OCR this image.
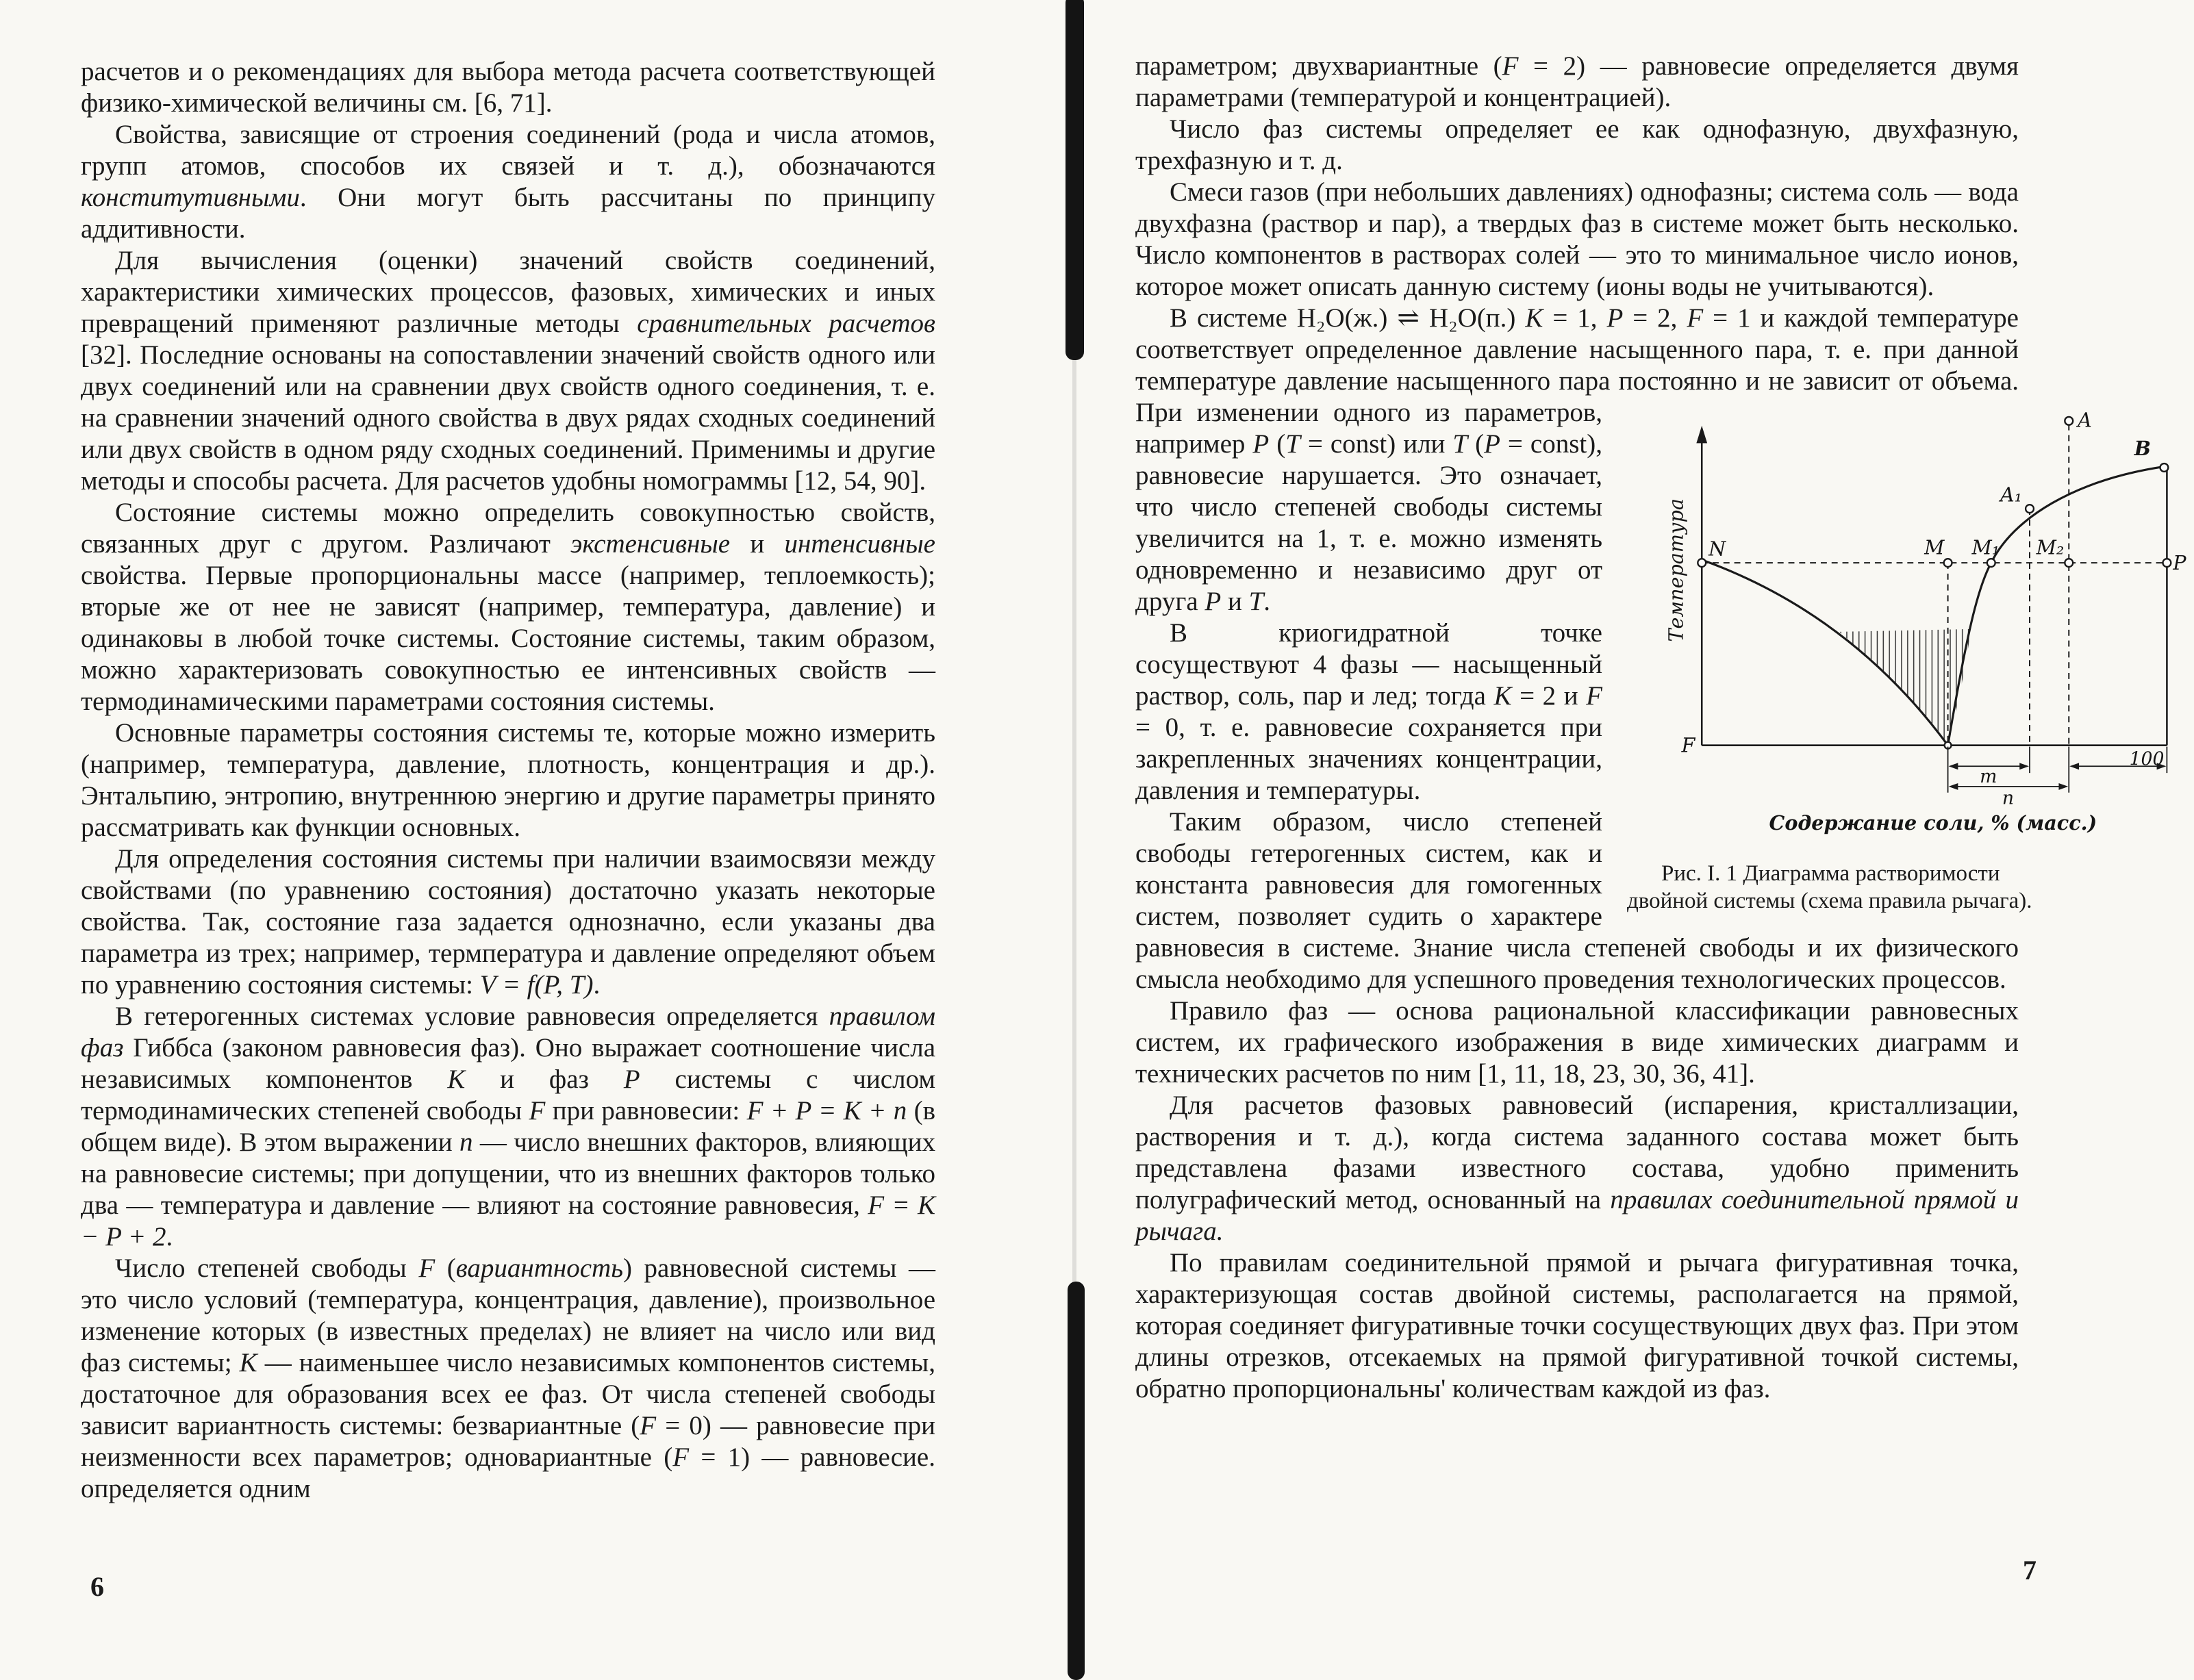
расчетов и о рекомендациях для выбора метода расчета соответствующей физико-химической величины см. [6, 71].

Свойства, зависящие от строения соединений (рода и числа атомов, групп атомов, способов их связей и т. д.), обозначаются конститутивными. Они могут быть рассчитаны по принципу аддитивности.

Для вычисления (оценки) значений свойств соединений, характеристики химических процессов, фазовых, химических и иных превращений применяют различные методы сравнительных расчетов [32]. Последние основаны на сопоставлении значений свойств одного или двух соединений или на сравнении двух свойств одного соединения, т. е. на сравнении значений одного свойства в двух рядах сходных соединений или двух свойств в одном ряду сходных соединений. Применимы и другие методы и способы расчета. Для расчетов удобны номограммы [12, 54, 90].

Состояние системы можно определить совокупностью свойств, связанных друг с другом. Различают экстенсивные и интенсивные свойства. Первые пропорциональны массе (например, теплоемкость); вторые же от нее не зависят (например, температура, давление) и одинаковы в любой точке системы. Состояние системы, таким образом, можно характеризовать совокупностью ее интенсивных свойств — термодинамическими параметрами состояния системы.

Основные параметры состояния системы те, которые можно измерить (например, температура, давление, плотность, концентрация и др.). Энтальпию, энтропию, внутреннюю энергию и другие параметры принято рассматривать как функции основных.

Для определения состояния системы при наличии взаимосвязи между свойствами (по уравнению состояния) достаточно указать некоторые свойства. Так, состояние газа задается однозначно, если указаны два параметра из трех; например, термпература и давление определяют объем по уравнению состояния системы: V = f(P, T).

В гетерогенных системах условие равновесия определяется правилом фаз Гиббса (законом равновесия фаз). Оно выражает соотношение числа независимых компонентов K и фаз P системы с числом термодинамических степеней свободы F при равновесии: F + P = K + n (в общем виде). В этом выражении n — число внешних факторов, влияющих на равновесие системы; при допущении, что из внешних факторов только два — температура и давление — влияют на состояние равновесия, F = K − P + 2.

Число степеней свободы F (вариантность) равновесной системы — это число условий (температура, концентрация, давление), произвольное изменение которых (в известных пределах) не влияет на число или вид фаз системы; K — наименьшее число независимых компонентов системы, достаточное для образования всех ее фаз. От числа степеней свободы зависит вариантность системы: безвариантные (F = 0) — равновесие при неизменности всех параметров; одновариантные (F = 1) — равновесие. определяется одним

6

параметром; двухвариантные (F = 2) — равновесие определяется двумя параметрами (температурой и концентрацией).

Число фаз системы определяет ее как однофазную, двухфазную, трехфазную и т. д.

Смеси газов (при небольших давлениях) однофазны; система соль — вода двухфазна (раствор и пар), а твердых фаз в системе может быть несколько. Число компонентов в растворах солей — это то минимальное число ионов, которое может описать данную систему (ионы воды не учитываются).

В системе H₂O(ж.) ⇌ H₂O(п.) K = 1, P = 2, F = 1 и каждой температуре соответствует определенное давление насыщенного пара, т. е. при данной температуре давление насыщенного пара
Температура
Содержание соли, % (масс.)
A
A₁
B
N	M M₁ M₂
P
F
m
n
100
Рис. I. 1 Диаграмма растворимости двойной системы (схема правила рычага).
постоянно и не зависит от объема. При изменении одного из параметров, например P (T = const) или T (P = const), равновесие нарушается. Это означает, что число степеней свободы системы увеличится на 1, т. е. можно изменять одновременно и независимо друг от друга P и T.

В криогидратной точке сосуществуют 4 фазы — насыщенный раствор, соль, пар и лед; тогда K = 2 и F = 0, т. е. равновесие сохраняется при закрепленных значениях концентрации, давления и температуры.

Таким образом, число степеней свободы гетерогенных систем, как и константа равновесия для гомогенных систем, позволяет судить о характере равновесия в системе. Знание числа степеней свободы и их физического смысла необходимо для успешного проведения технологических процессов.

Правило фаз — основа рациональной классификации равновесных систем, их графического изображения в виде химических диаграмм и технических расчетов по ним [1, 11, 18, 23, 30, 36, 41].

Для расчетов фазовых равновесий (испарения, кристаллизации, растворения и т. д.), когда система заданного состава может быть представлена фазами известного состава, удобно применить полуграфический метод, основанный на правилах соединительной прямой и рычага.

По правилам соединительной прямой и рычага фигуративная точка, характеризующая состав двойной системы, располагается на прямой, которая соединяет фигуративные точки сосуществующих двух фаз. При этом длины отрезков, отсекаемых на прямой фигуративной точкой системы, обратно пропорциональны' количествам каждой из фаз.

7
